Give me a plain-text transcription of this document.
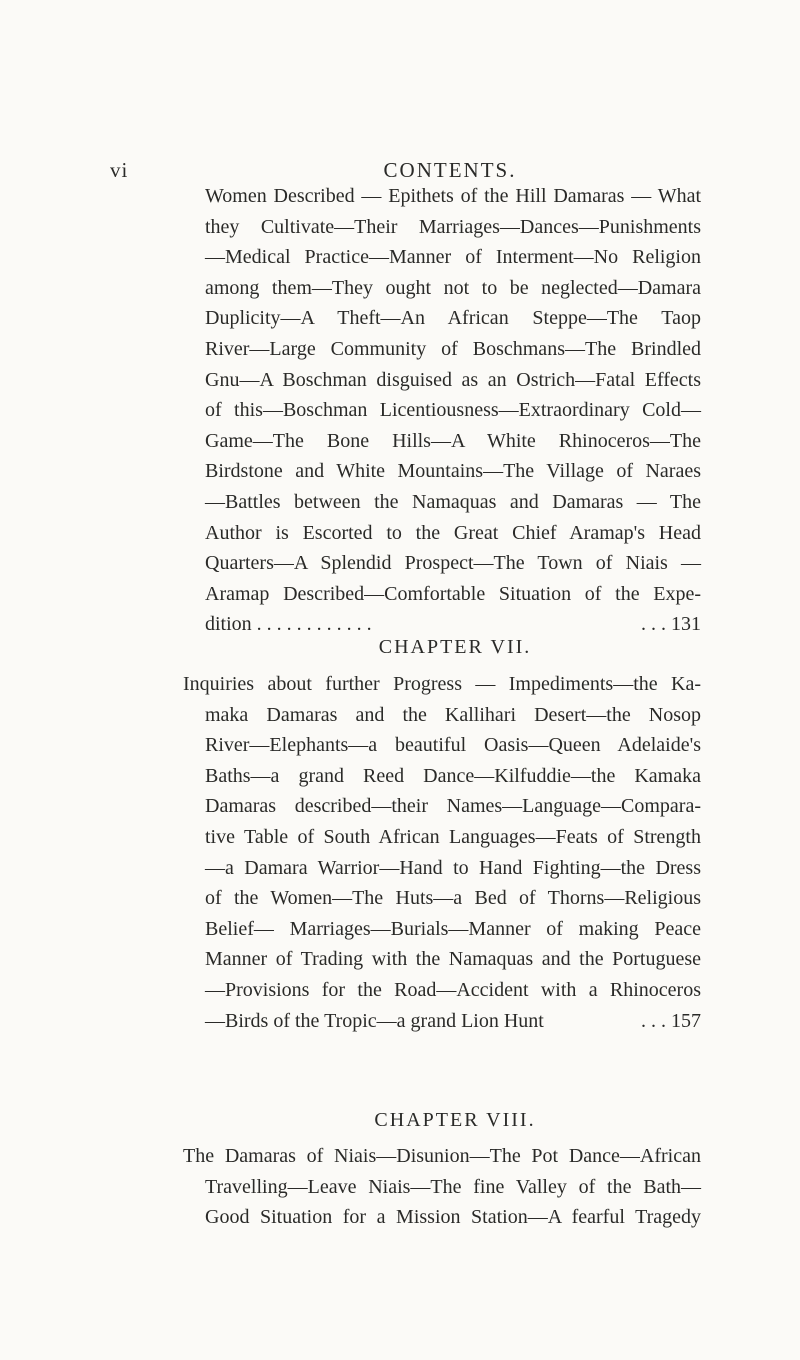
vi	CONTENTS.
Women Described — Epithets of the Hill Damaras — What
they Cultivate—Their Marriages—Dances—Punishments
—Medical Practice—Manner of Interment—No Religion
among them—They ought not to be neglected—Damara
Duplicity—A Theft—An African Steppe—The Taop
River—Large Community of Boschmans—The Brindled
Gnu—A Boschman disguised as an Ostrich—Fatal Effects
of this—Boschman Licentiousness—Extraordinary Cold—
Game—The Bone Hills—A White Rhinoceros—The
Birdstone and White Mountains—The Village of Naraes
—Battles between the Namaquas and Damaras — The
Author is Escorted to the Great Chief Aramap's Head
Quarters—A Splendid Prospect—The Town of Niais —
Aramap Described—Comfortable Situation of the Expe-
dition . . . . . . . . . . . .	. . . 131
CHAPTER VII.
Inquiries about further Progress — Impediments—the Ka-
maka Damaras and the Kallihari Desert—the Nosop
River—Elephants—a beautiful Oasis—Queen Adelaide's
Baths—a grand Reed Dance—Kilfuddie—the Kamaka
Damaras described—their Names—Language—Compara-
tive Table of South African Languages—Feats of Strength
—a Damara Warrior—Hand to Hand Fighting—the Dress
of the Women—The Huts—a Bed of Thorns—Religious
Belief— Marriages—Burials—Manner of making Peace
Manner of Trading with the Namaquas and the Portuguese
—Provisions for the Road—Accident with a Rhinoceros
—Birds of the Tropic—a grand Lion Hunt	. . . 157
CHAPTER VIII.
The Damaras of Niais—Disunion—The Pot Dance—African
Travelling—Leave Niais—The fine Valley of the Bath—
Good Situation for a Mission Station—A fearful Tragedy
